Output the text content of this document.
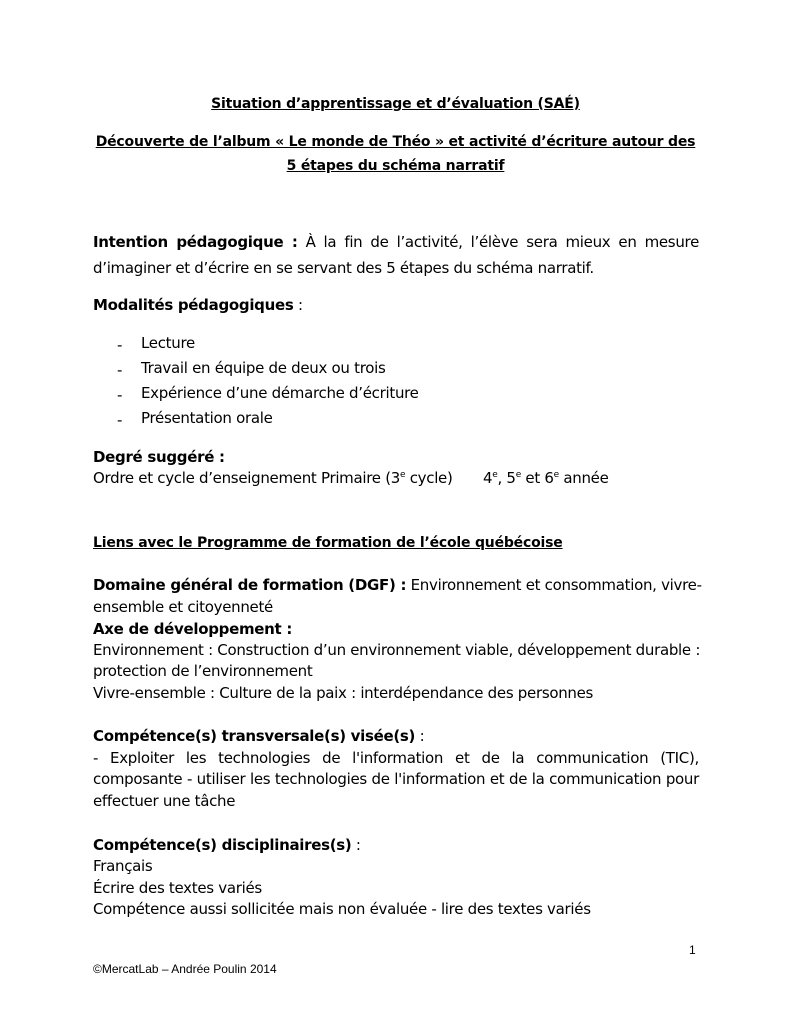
Situation d’apprentissage et d’évaluation (SAÉ)
Découverte de l’album « Le monde de Théo » et activité d’écriture autour des
5 étapes du schéma narratif
Intention pédagogique : À la fin de l’activité, l’élève sera mieux en mesure
d’imaginer et d’écrire en se servant des 5 étapes du schéma narratif.
Modalités pédagogiques :
- Lecture
- Travail en équipe de deux ou trois
- Expérience d’une démarche d’écriture
- Présentation orale
Degré suggéré :
Ordre et cycle d’enseignement Primaire (3e cycle) 4e, 5e et 6e année
Liens avec le Programme de formation de l’école québécoise
Domaine général de formation (DGF) : Environnement et consommation, vivre-
ensemble et citoyenneté
Axe de développement :
Environnement : Construction d’un environnement viable, développement durable :
protection de l’environnement
Vivre-ensemble : Culture de la paix : interdépendance des personnes
Compétence(s) transversale(s) visée(s) :
- Exploiter les technologies de l'information et de la communication (TIC),
composante - utiliser les technologies de l'information et de la communication pour
effectuer une tâche
Compétence(s) disciplinaires(s) :
Français
Écrire des textes variés
Compétence aussi sollicitée mais non évaluée - lire des textes variés
1
©MercatLab – Andrée Poulin 2014
